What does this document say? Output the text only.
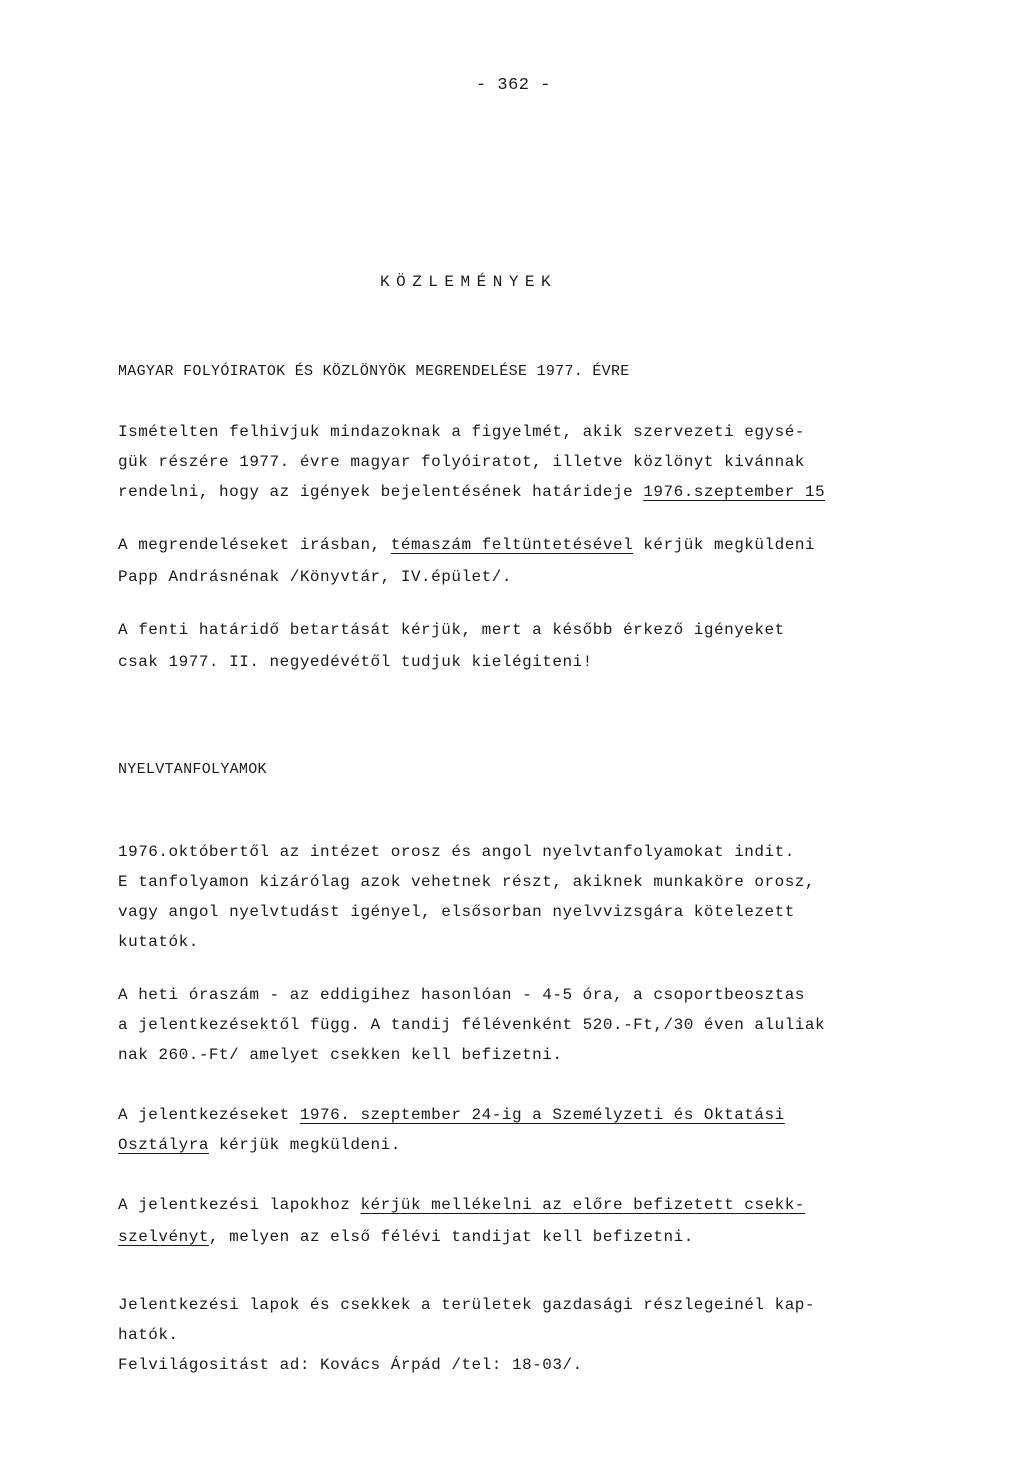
- 362 -
KÖZLEMÉNYEK
MAGYAR FOLYÓIRATOK ÉS KÖZLÖNYÖK MEGRENDELÉSE 1977. ÉVRE
Ismételten felhivjuk mindazoknak a figyelmét, akik szervezeti egysé-
gük részére 1977. évre magyar folyóiratot, illetve közlönyt kivánnak
rendelni, hogy az igények bejelentésének határideje 1976.szeptember 15
A megrendeléseket irásban, témaszám feltüntetésével kérjük megküldeni
Papp Andrásnénak /Könyvtár, IV.épület/.
A fenti határidő betartását kérjük, mert a később érkező igényeket
csak 1977. II. negyedévétől tudjuk kielégiteni!
NYELVTANFOLYAMOK
1976.októbertől az intézet orosz és angol nyelvtanfolyamokat indit.
E tanfolyamon kizárólag azok vehetnek részt, akiknek munkaköre orosz,
vagy angol nyelvtudást igényel, elsősorban nyelvvizsgára kötelezett
kutatók.
A heti óraszám - az eddigihez hasonlóan - 4-5 óra, a csoportbeosztas
a jelentkezésektől függ. A tandij félévenként 520.-Ft,/30 éven aluliak
nak 260.-Ft/ amelyet csekken kell befizetni.
A jelentkezéseket 1976. szeptember 24-ig a Személyzeti és Oktatási
Osztályra kérjük megküldeni.
A jelentkezési lapokhoz kérjük mellékelni az előre befizetett csekk-
szelvényt, melyen az első félévi tandijat kell befizetni.
Jelentkezési lapok és csekkek a területek gazdasági részlegeinél kap-
hatók.
Felvilágositást ad: Kovács Árpád /tel: 18-03/.
